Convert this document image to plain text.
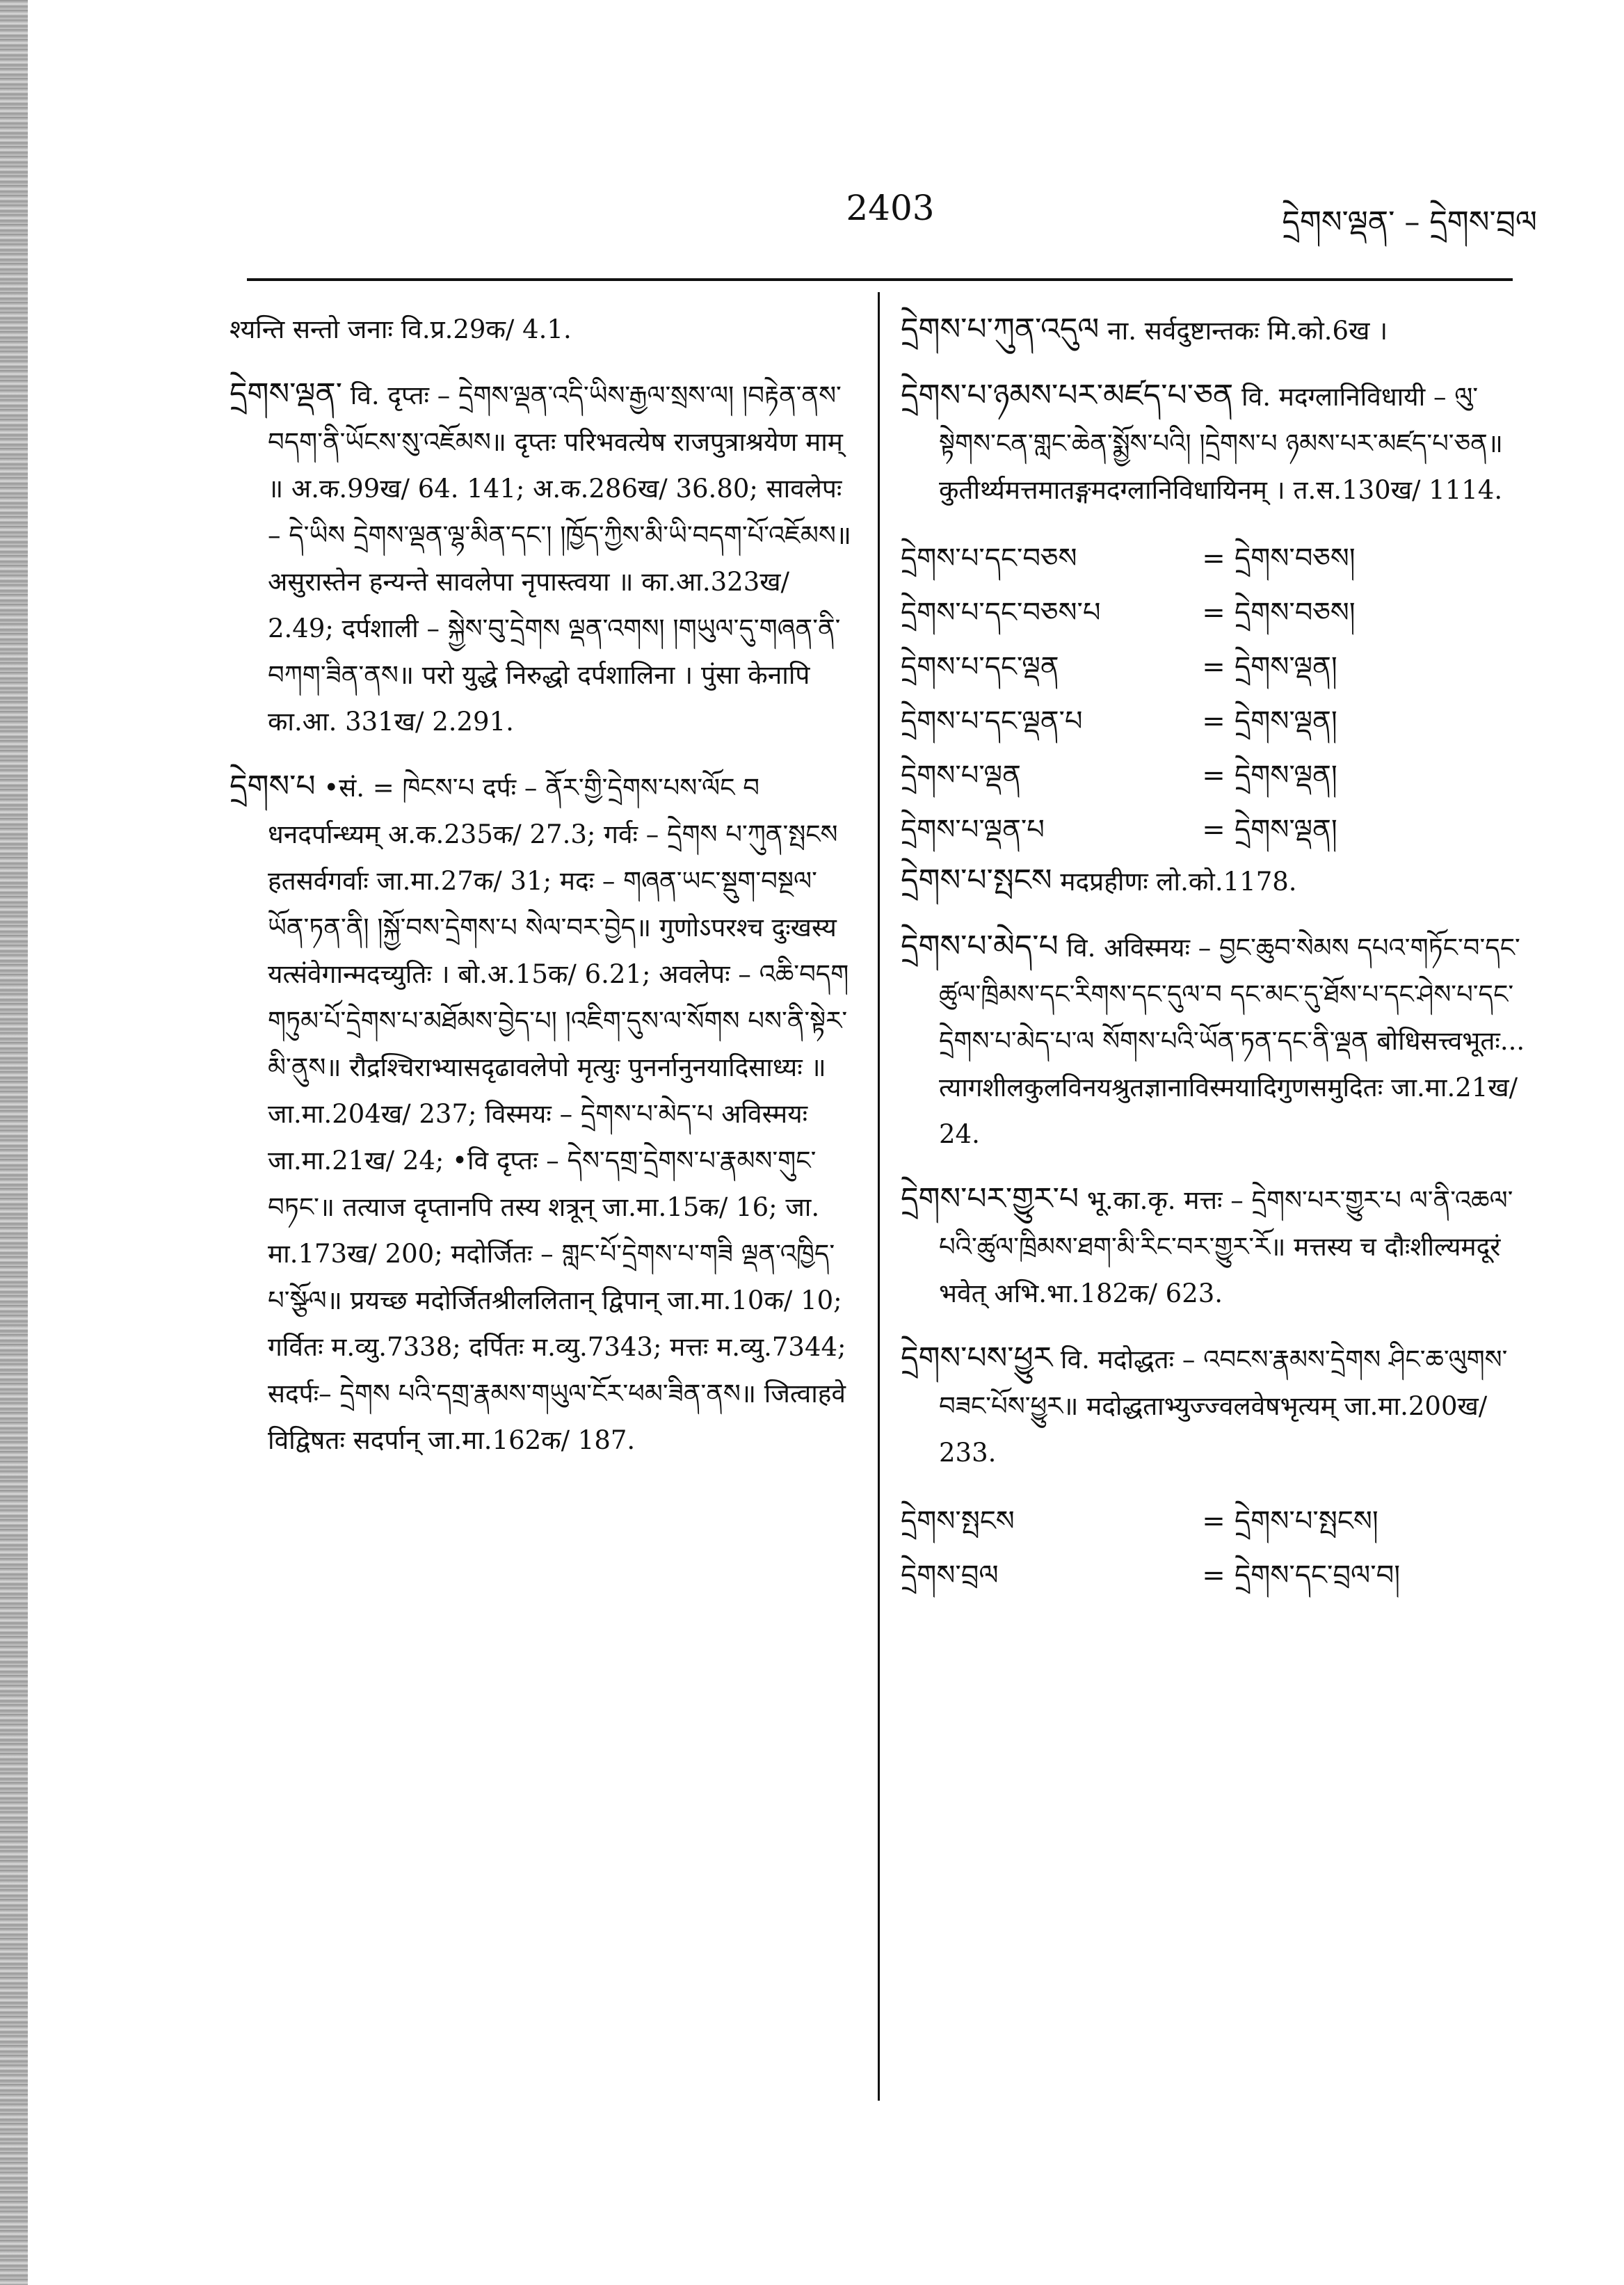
2403	དྲེགས་ལྡན་ – དྲེགས་བྲལ

श्यन्ति सन्तो जनाः वि.प्र.29क/ 4.1.

དྲེགས་ལྡན་ वि. दृप्तः – དྲེགས་ལྡན་འདི་ཡིས་རྒྱལ་སྲས་ལ། །བརྟེན་ནས་བདག་ནི་ཡོངས་སུ་འཇོམས॥ दृप्तः परिभवत्येष राजपुत्राश्रयेण माम् ॥ अ.क.99ख/ 64. 141; अ.क.286ख/ 36.80; सावलेपः – དེ་ཡིས དྲེགས་ལྡན་ལྷ་མིན་དང་། །ཁྱོད་ཀྱིས་མི་ཡི་བདག་པོ་འཇོམས॥ असुरास्तेन हन्यन्ते सावलेपा नृपास्त्वया ॥ का.आ.323ख/ 2.49; दर्पशाली – སྐྱེས་བུ་དྲེགས ལྡན་འགས། །གཡུལ་དུ་གཞན་ནི་བཀག་ཟིན་ནས॥ परो युद्धे निरुद्धो दर्पशालिना । पुंसा केनापि का.आ. 331ख/ 2.291.

དྲེགས་པ •सं. = ཁེངས་པ दर्पः – ནོར་གྱི་དྲེགས་པས་ལོང བ धनदर्पान्ध्यम् अ.क.235क/ 27.3; गर्वः – དྲེགས པ་ཀུན་སྤངས हतसर्वगर्वाः जा.मा.27क/ 31; मदः – གཞན་ཡང་སྡུག་བསྔལ་ཡོན་ཏན་ནི། །སྐྱོ་བས་དྲེགས་པ སེལ་བར་བྱེད॥ गुणोऽपरश्च दुःखस्य यत्संवेगान्मदच्युतिः । बो.अ.15क/ 6.21; अवलेपः – འཆི་བདག གཏུམ་པོ་དྲེགས་པ་མཐོམས་བྱེད་པ། །འཇིག་དུས་ལ་སོགས པས་ནི་སྟེར་མི་ནུས॥ रौद्रश्चिराभ्यासदृढावलेपो मृत्युः पुनर्नानुनयादिसाध्यः ॥ जा.मा.204ख/ 237; विस्मयः – དྲེགས་པ་མེད་པ अविस्मयः जा.मा.21ख/ 24; •वि दृप्तः – དེས་དགྲ་དྲེགས་པ་རྣམས་གུང་བཏང་॥ तत्याज दृप्तानपि तस्य शत्रून् जा.मा.15क/ 16; जा. मा.173ख/ 200; मदोर्जितः – གླང་པོ་དྲེགས་པ་གཟི ལྡན་འཁྱིད་པ་སྩོལ॥ प्रयच्छ मदोर्जितश्रीललितान् द्विपान् जा.मा.10क/ 10; गर्वितः म.व्यु.7338; दर्पितः म.व्यु.7343; मत्तः म.व्यु.7344; सदर्पः– དྲེགས པའི་དགྲ་རྣམས་གཡུལ་ངོར་ཕམ་ཟིན་ནས॥ जित्वाहवे विद्विषतः सदर्पान् जा.मा.162क/ 187.

དྲེགས་པ་ཀུན་འདུལ ना. सर्वदुष्टान्तकः मि.को.6ख ।

དྲེགས་པ་ཉམས་པར་མཛད་པ་ཅན वि. मदग्लानिविधायी – ལུ་སྟེགས་ངན་གླང་ཆེན་སྨྱོས་པའི། །དྲེགས་པ ཉམས་པར་མཛད་པ་ཅན॥ कुतीर्थ्यमत्तमातङ्गमदग्लानिविधायिनम् । त.स.130ख/ 1114.

དྲེགས་པ་དང་བཅས	= དྲེགས་བཅས།
དྲེགས་པ་དང་བཅས་པ	= དྲེགས་བཅས།
དྲེགས་པ་དང་ལྡན	= དྲེགས་ལྡན།
དྲེགས་པ་དང་ལྡན་པ	= དྲེགས་ལྡན།
དྲེགས་པ་ལྡན	= དྲེགས་ལྡན།
དྲེགས་པ་ལྡན་པ	= དྲེགས་ལྡན།

དྲེགས་པ་སྤངས मदप्रहीणः लो.को.1178.

དྲེགས་པ་མེད་པ वि. अविस्मयः – བྱང་ཆུབ་སེམས དཔའ་གཏོང་བ་དང་ཚུལ་ཁྲིམས་དང་རིགས་དང་དུལ་བ དང་མང་དུ་ཐོས་པ་དང་ཤེས་པ་དང་དྲེགས་པ་མེད་པ་ལ སོགས་པའི་ཡོན་ཏན་དང་ནི་ལྡན बोधिसत्त्वभूतः... त्यागशीलकुलविनयश्रुतज्ञानाविस्मयादिगुणसमुदितः जा.मा.21ख/ 24.

དྲེགས་པར་གྱུར་པ भू.का.कृ. मत्तः – དྲེགས་པར་གྱུར་པ ལ་ནི་འཆལ་པའི་ཚུལ་ཁྲིམས་ཐག་མི་རིང་བར་གྱུར་རོ॥ मत्तस्य च दौःशील्यमदूरं भवेत् अभि.भा.182क/ 623.

དྲེགས་པས་ཕྱུར वि. मदोद्धतः – འབངས་རྣམས་དྲེགས ཤིང་ཆ་ལུགས་བཟང་པོས་ཕྱུར॥ मदोद्धताभ्युज्ज्वलवेषभृत्यम् जा.मा.200ख/ 233.

དྲེགས་སྤངས	= དྲེགས་པ་སྤངས།
དྲེགས་བྲལ	= དྲེགས་དང་བྲལ་བ།
